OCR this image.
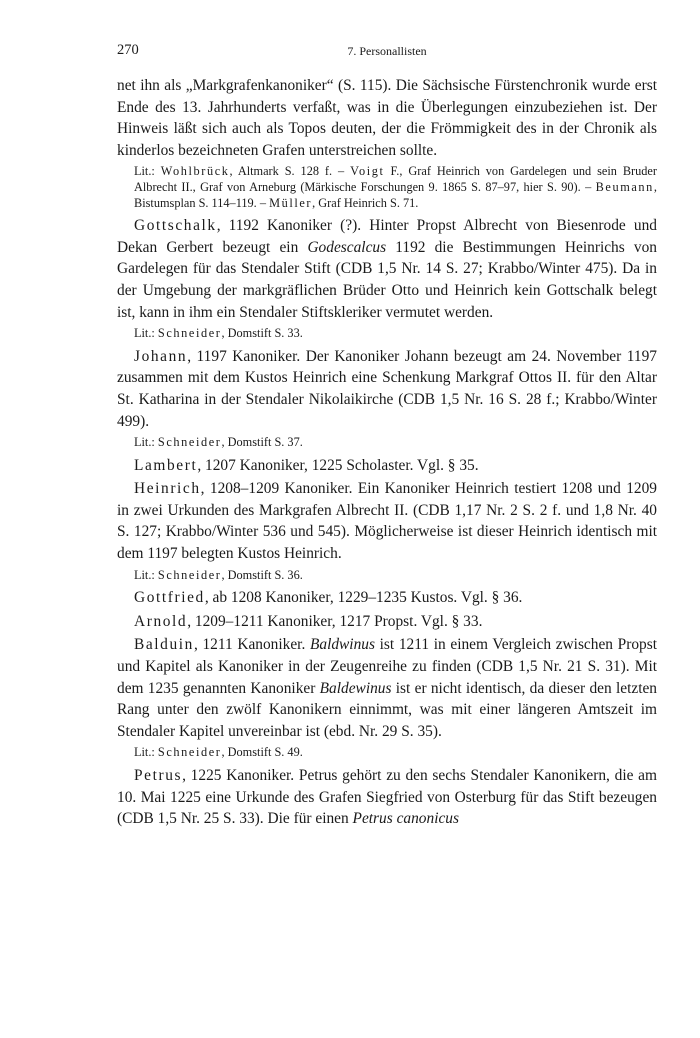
270	7. Personallisten

net ihn als „Markgrafenkanoniker“ (S. 115). Die Sächsische Fürstenchronik wurde erst Ende des 13. Jahrhunderts verfaßt, was in die Überlegungen einzubeziehen ist. Der Hinweis läßt sich auch als Topos deuten, der die Frömmigkeit des in der Chronik als kinderlos bezeichneten Grafen unterstreichen sollte.

Lit.: Wohlbrück, Altmark S. 128 f. – Voigt F., Graf Heinrich von Gardelegen und sein Bruder Albrecht II., Graf von Arneburg (Märkische Forschungen 9. 1865 S. 87–97, hier S. 90). – Beumann, Bistumsplan S. 114–119. – Müller, Graf Heinrich S. 71.

Gottschalk, 1192 Kanoniker (?). Hinter Propst Albrecht von Biesenrode und Dekan Gerbert bezeugt ein Godescalcus 1192 die Bestimmungen Heinrichs von Gardelegen für das Stendaler Stift (CDB 1,5 Nr. 14 S. 27; Krabbo/Winter 475). Da in der Umgebung der markgräflichen Brüder Otto und Heinrich kein Gottschalk belegt ist, kann in ihm ein Stendaler Stiftskleriker vermutet werden.

Lit.: Schneider, Domstift S. 33.

Johann, 1197 Kanoniker. Der Kanoniker Johann bezeugt am 24. November 1197 zusammen mit dem Kustos Heinrich eine Schenkung Markgraf Ottos II. für den Altar St. Katharina in der Stendaler Nikolaikirche (CDB 1,5 Nr. 16 S. 28 f.; Krabbo/Winter 499).

Lit.: Schneider, Domstift S. 37.

Lambert, 1207 Kanoniker, 1225 Scholaster. Vgl. § 35.

Heinrich, 1208–1209 Kanoniker. Ein Kanoniker Heinrich testiert 1208 und 1209 in zwei Urkunden des Markgrafen Albrecht II. (CDB 1,17 Nr. 2 S. 2 f. und 1,8 Nr. 40 S. 127; Krabbo/Winter 536 und 545). Möglicherweise ist dieser Heinrich identisch mit dem 1197 belegten Kustos Heinrich.

Lit.: Schneider, Domstift S. 36.

Gottfried, ab 1208 Kanoniker, 1229–1235 Kustos. Vgl. § 36.

Arnold, 1209–1211 Kanoniker, 1217 Propst. Vgl. § 33.

Balduin, 1211 Kanoniker. Baldwinus ist 1211 in einem Vergleich zwischen Propst und Kapitel als Kanoniker in der Zeugenreihe zu finden (CDB 1,5 Nr. 21 S. 31). Mit dem 1235 genannten Kanoniker Baldewinus ist er nicht identisch, da dieser den letzten Rang unter den zwölf Kanonikern einnimmt, was mit einer längeren Amtszeit im Stendaler Kapitel unvereinbar ist (ebd. Nr. 29 S. 35).

Lit.: Schneider, Domstift S. 49.

Petrus, 1225 Kanoniker. Petrus gehört zu den sechs Stendaler Kanonikern, die am 10. Mai 1225 eine Urkunde des Grafen Siegfried von Osterburg für das Stift bezeugen (CDB 1,5 Nr. 25 S. 33). Die für einen Petrus canonicus
